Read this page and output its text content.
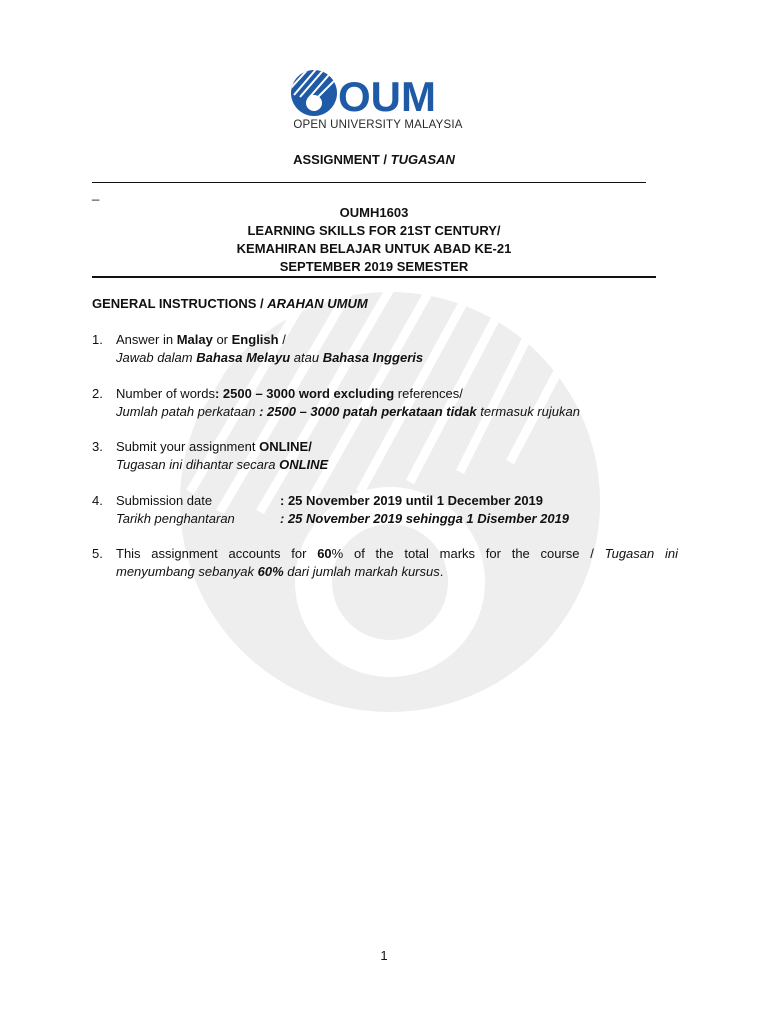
OUM
OPEN UNIVERSITY MALAYSIA
ASSIGNMENT / TUGASAN
_
OUMH1603
LEARNING SKILLS FOR 21ST CENTURY/
KEMAHIRAN BELAJAR UNTUK ABAD KE-21
SEPTEMBER 2019 SEMESTER
GENERAL INSTRUCTIONS / ARAHAN UMUM
1.	Answer in Malay or English /
Jawab dalam Bahasa Melayu atau Bahasa Inggeris
2.	Number of words: 2500 – 3000 word excluding references/
Jumlah patah perkataan : 2500 – 3000 patah perkataan tidak termasuk rujukan
3.	Submit your assignment ONLINE/
Tugasan ini dihantar secara ONLINE
4.	Submission date	: 25 November 2019 until 1 December 2019
Tarikh penghantaran	: 25 November 2019 sehingga 1 Disember 2019
5.	This assignment accounts for 60% of the total marks for the course / Tugasan ini
menyumbang sebanyak 60% dari jumlah markah kursus.
1
